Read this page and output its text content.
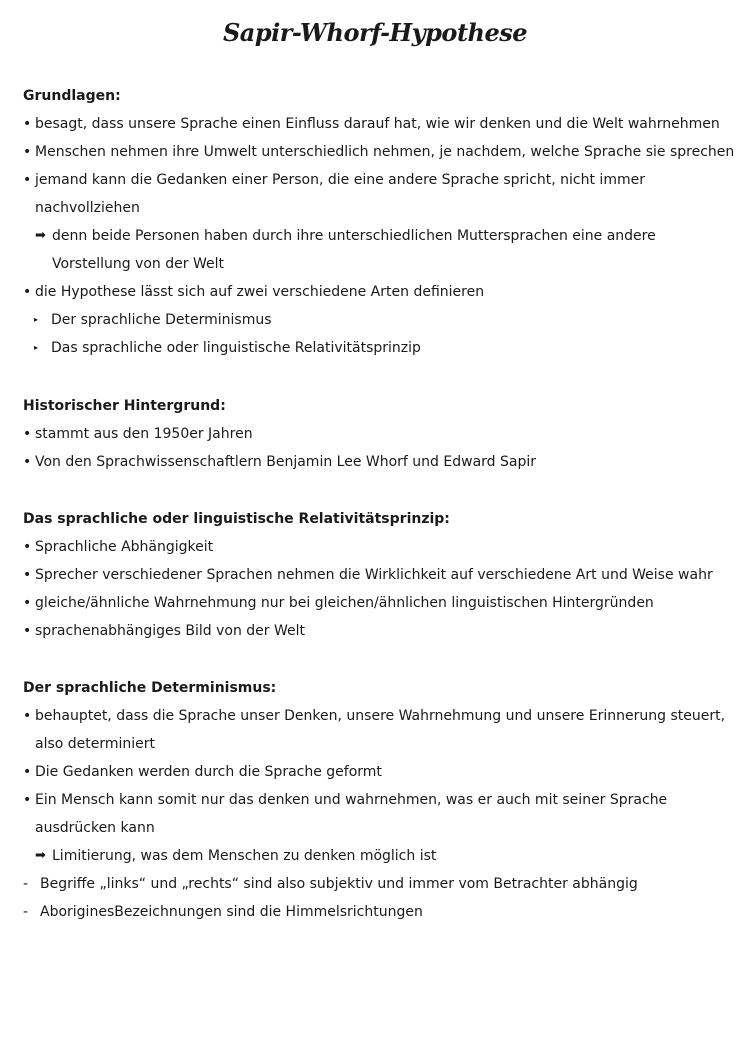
Sapir-Whorf-Hypothese
Grundlagen:
• besagt, dass unsere Sprache einen Einfluss darauf hat, wie wir denken und die Welt wahrnehmen
• Menschen nehmen ihre Umwelt unterschiedlich nehmen, je nachdem, welche Sprache sie sprechen
• jemand kann die Gedanken einer Person, die eine andere Sprache spricht, nicht immer
nachvollziehen
➡ denn beide Personen haben durch ihre unterschiedlichen Muttersprachen eine andere
Vorstellung von der Welt
• die Hypothese lässt sich auf zwei verschiedene Arten definieren
▸ Der sprachliche Determinismus
▸ Das sprachliche oder linguistische Relativitätsprinzip
Historischer Hintergrund:
• stammt aus den 1950er Jahren
• Von den Sprachwissenschaftlern Benjamin Lee Whorf und Edward Sapir
Das sprachliche oder linguistische Relativitätsprinzip:
• Sprachliche Abhängigkeit
• Sprecher verschiedener Sprachen nehmen die Wirklichkeit auf verschiedene Art und Weise wahr
• gleiche/ähnliche Wahrnehmung nur bei gleichen/ähnlichen linguistischen Hintergründen
• sprachenabhängiges Bild von der Welt
Der sprachliche Determinismus:
• behauptet, dass die Sprache unser Denken, unsere Wahrnehmung und unsere Erinnerung steuert,
also determiniert
• Die Gedanken werden durch die Sprache geformt
• Ein Mensch kann somit nur das denken und wahrnehmen, was er auch mit seiner Sprache
ausdrücken kann
➡ Limitierung, was dem Menschen zu denken möglich ist
- Begriffe „links“ und „rechts“ sind also subjektiv und immer vom Betrachter abhängig
- AboriginesBezeichnungen sind die Himmelsrichtungen
